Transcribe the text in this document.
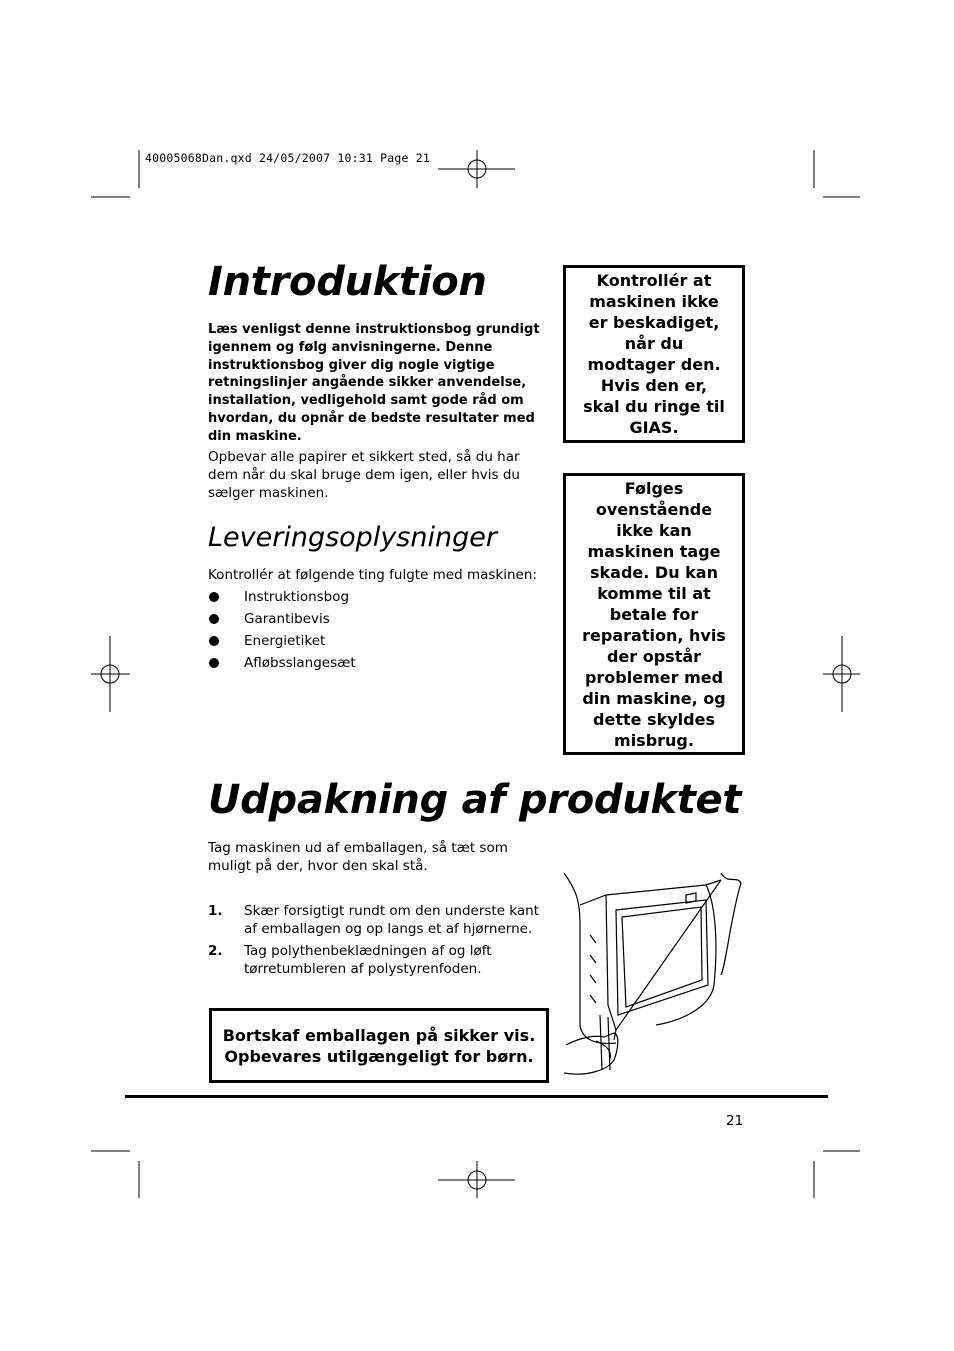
40005068Dan.qxd 24/05/2007 10:31 Page 21
Introduktion

Læs venligst denne instruktionsbog grundigt igennem og følg anvisningerne. Denne instruktionsbog giver dig nogle vigtige retningslinjer angående sikker anvendelse, installation, vedligehold samt gode råd om hvordan, du opnår de bedste resultater med din maskine.

Opbevar alle papirer et sikkert sted, så du har dem når du skal bruge dem igen, eller hvis du sælger maskinen.

Leveringsoplysninger

Kontrollér at følgende ting fulgte med maskinen:

Instruktionsbog
Garantibevis
Energietiket
Afløbsslangesæt
Kontrollér at maskinen ikke er beskadiget, når du modtager den. Hvis den er, skal du ringe til GIAS.
Følges ovenstående ikke kan maskinen tage skade. Du kan komme til at betale for reparation, hvis der opstår problemer med din maskine, og dette skyldes misbrug.
Udpakning af produktet

Tag maskinen ud af emballagen, så tæt som muligt på der, hvor den skal stå.

1. Skær forsigtigt rundt om den underste kant af emballagen og op langs et af hjørnerne.
2. Tag polythenbeklædningen af og løft tørretumbleren af polystyrenfoden.
Bortskaf emballagen på sikker vis.
Opbevares utilgængeligt for børn.
21
